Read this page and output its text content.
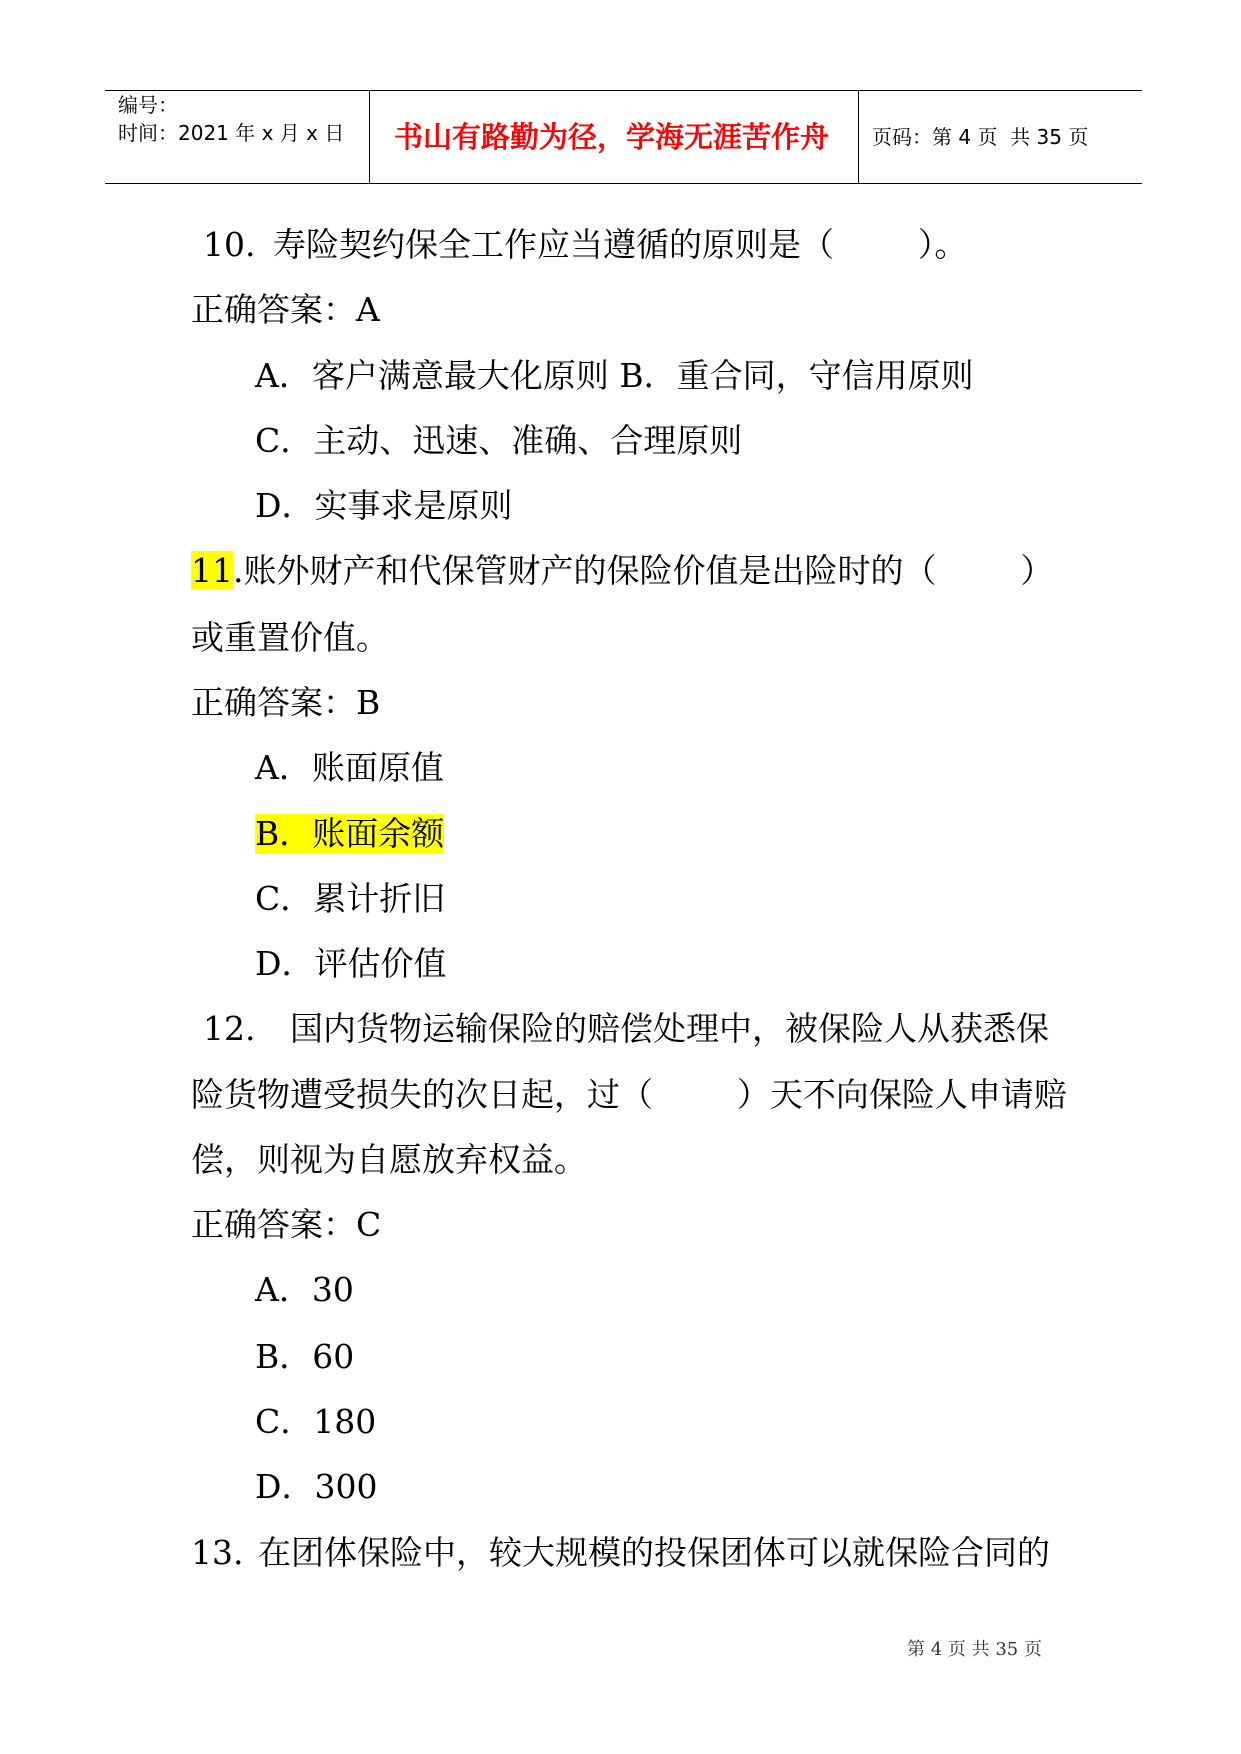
编号：
时间：2021 年 x 月 x 日 书山有路勤为径，学海无涯苦作舟 页码：第 4 页  共 35 页
10. 寿险契约保全工作应当遵循的原则是（        ）。
正确答案：A
A．客户满意最大化原则 B．重合同，守信用原则
C．主动、迅速、准确、合理原则
D．实事求是原则
11.账外财产和代保管财产的保险价值是出险时的（        ）
或重置价值。
正确答案：B
A．账面原值
B．账面余额
C．累计折旧
D．评估价值
12. 国内货物运输保险的赔偿处理中，被保险人从获悉保
险货物遭受损失的次日起，过（        ）天不向保险人申请赔
偿，则视为自愿放弃权益。
正确答案：C
A．30
B．60
C．180
D．300
13. 在团体保险中，较大规模的投保团体可以就保险合同的
第 4 页 共 35 页
